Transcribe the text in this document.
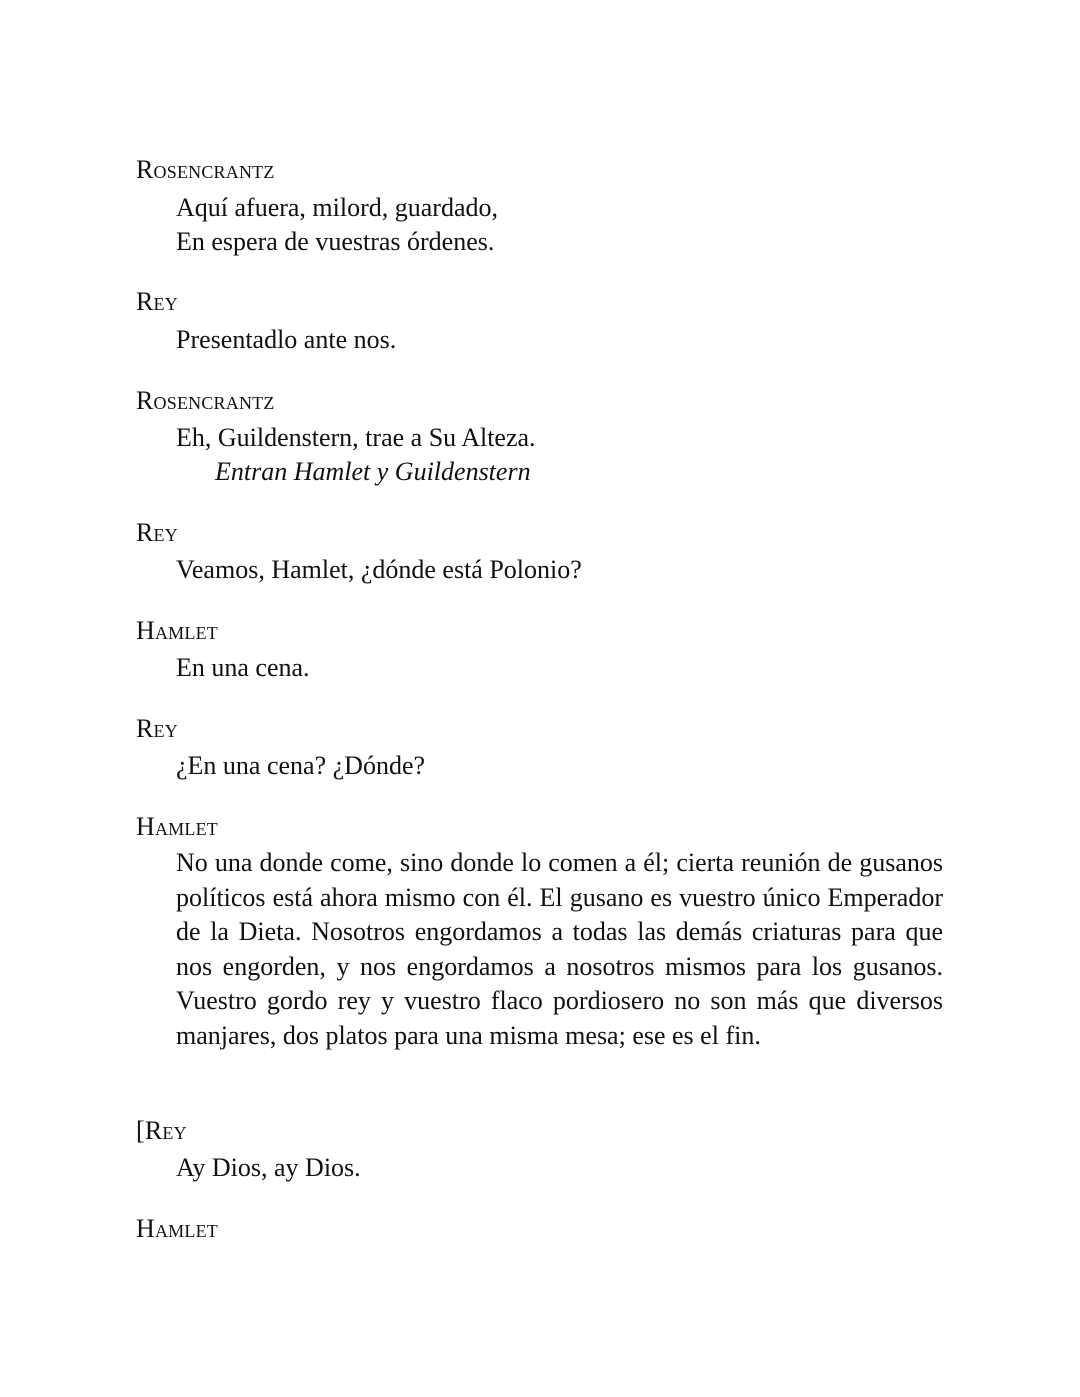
Rosencrantz
Aquí afuera, milord, guardado,
En espera de vuestras órdenes.
Rey
Presentadlo ante nos.
Rosencrantz
Eh, Guildenstern, trae a Su Alteza.
Entran Hamlet y Guildenstern
Rey
Veamos, Hamlet, ¿dónde está Polonio?
Hamlet
En una cena.
Rey
¿En una cena? ¿Dónde?
Hamlet

No una donde come, sino donde lo comen a él; cierta reunión de gusanos políticos está ahora mismo con él. El gusano es vuestro único Emperador de la Dieta. Nosotros engordamos a todas las demás criaturas para que nos engorden, y nos engordamos a nosotros mismos para los gusanos. Vuestro gordo rey y vuestro flaco pordiosero no son más que diversos manjares, dos platos para una misma mesa; ese es el fin.

[Rey
Ay Dios, ay Dios.
Hamlet
